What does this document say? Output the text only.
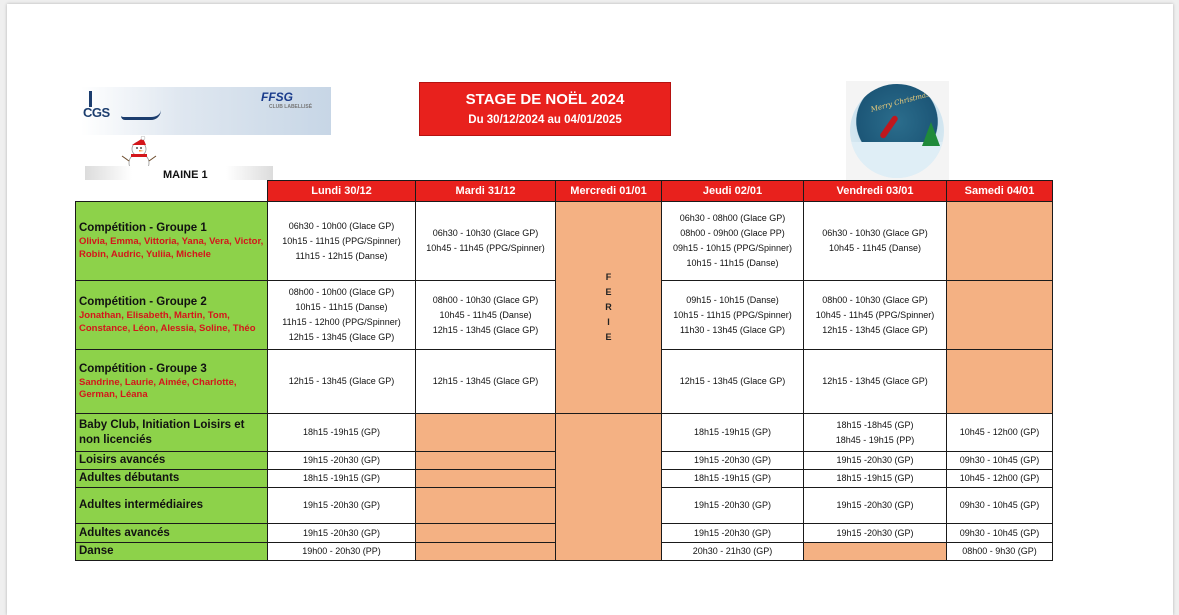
CGS
FFSG
CLUB LABELLISÉ
MAINE 1
STAGE DE NOËL 2024
Du 30/12/2024 au 04/01/2025
Merry Christmas
	Lundi 30/12	Mardi 31/12	Mercredi 01/01	Jeudi 02/01	Vendredi 03/01	Samedi 04/01

Compétition - Groupe 1
Olivia, Emma, Vittoria, Yana, Vera, Victor, Robin, Audric, Yuliia, Michele	06h30 - 10h00 (Glace GP)
10h15 - 11h15 (PPG/Spinner)
11h15 - 12h15 (Danse)	06h30 - 10h30 (Glace GP)
10h45 - 11h45 (PPG/Spinner)	F
E
R
I
E	06h30 - 08h00 (Glace GP)
08h00 - 09h00 (Glace PP)
09h15 - 10h15 (PPG/Spinner)
10h15 - 11h15 (Danse)	06h30 - 10h30 (Glace GP)
10h45 - 11h45 (Danse)	

Compétition - Groupe 2
Jonathan, Elisabeth, Martin, Tom, Constance, Léon, Alessia, Soline, Théo	08h00 - 10h00 (Glace GP)
10h15 - 11h15 (Danse)
11h15 - 12h00 (PPG/Spinner)
12h15 - 13h45 (Glace GP)	08h00 - 10h30 (Glace GP)
10h45 - 11h45 (Danse)
12h15 - 13h45 (Glace GP)		09h15 - 10h15 (Danse)
10h15 - 11h15 (PPG/Spinner)
11h30 - 13h45 (Glace GP)	08h00 - 10h30 (Glace GP)
10h45 - 11h45 (PPG/Spinner)
12h15 - 13h45 (Glace GP)	

Compétition - Groupe 3
Sandrine, Laurie, Aimée, Charlotte, German, Léana	12h15 - 13h45 (Glace GP)	12h15 - 13h45 (Glace GP)		12h15 - 13h45 (Glace GP)	12h15 - 13h45 (Glace GP)	

Baby Club, Initiation Loisirs et non licenciés	18h15 -19h15 (GP)			18h15 -19h15 (GP)	18h15 -18h45 (GP)
18h45 - 19h15 (PP)	10h45 - 12h00 (GP)

Loisirs avancés	19h15 -20h30 (GP)			19h15 -20h30 (GP)	19h15 -20h30 (GP)	09h30 - 10h45 (GP)

Adultes débutants	18h15 -19h15 (GP)			18h15 -19h15 (GP)	18h15 -19h15 (GP)	10h45 - 12h00 (GP)

Adultes intermédiaires	19h15 -20h30 (GP)			19h15 -20h30 (GP)	19h15 -20h30 (GP)	09h30 - 10h45 (GP)

Adultes avancés	19h15 -20h30 (GP)			19h15 -20h30 (GP)	19h15 -20h30 (GP)	09h30 - 10h45 (GP)

Danse	19h00 - 20h30 (PP)			20h30 - 21h30 (GP)		08h00 - 9h30 (GP)
